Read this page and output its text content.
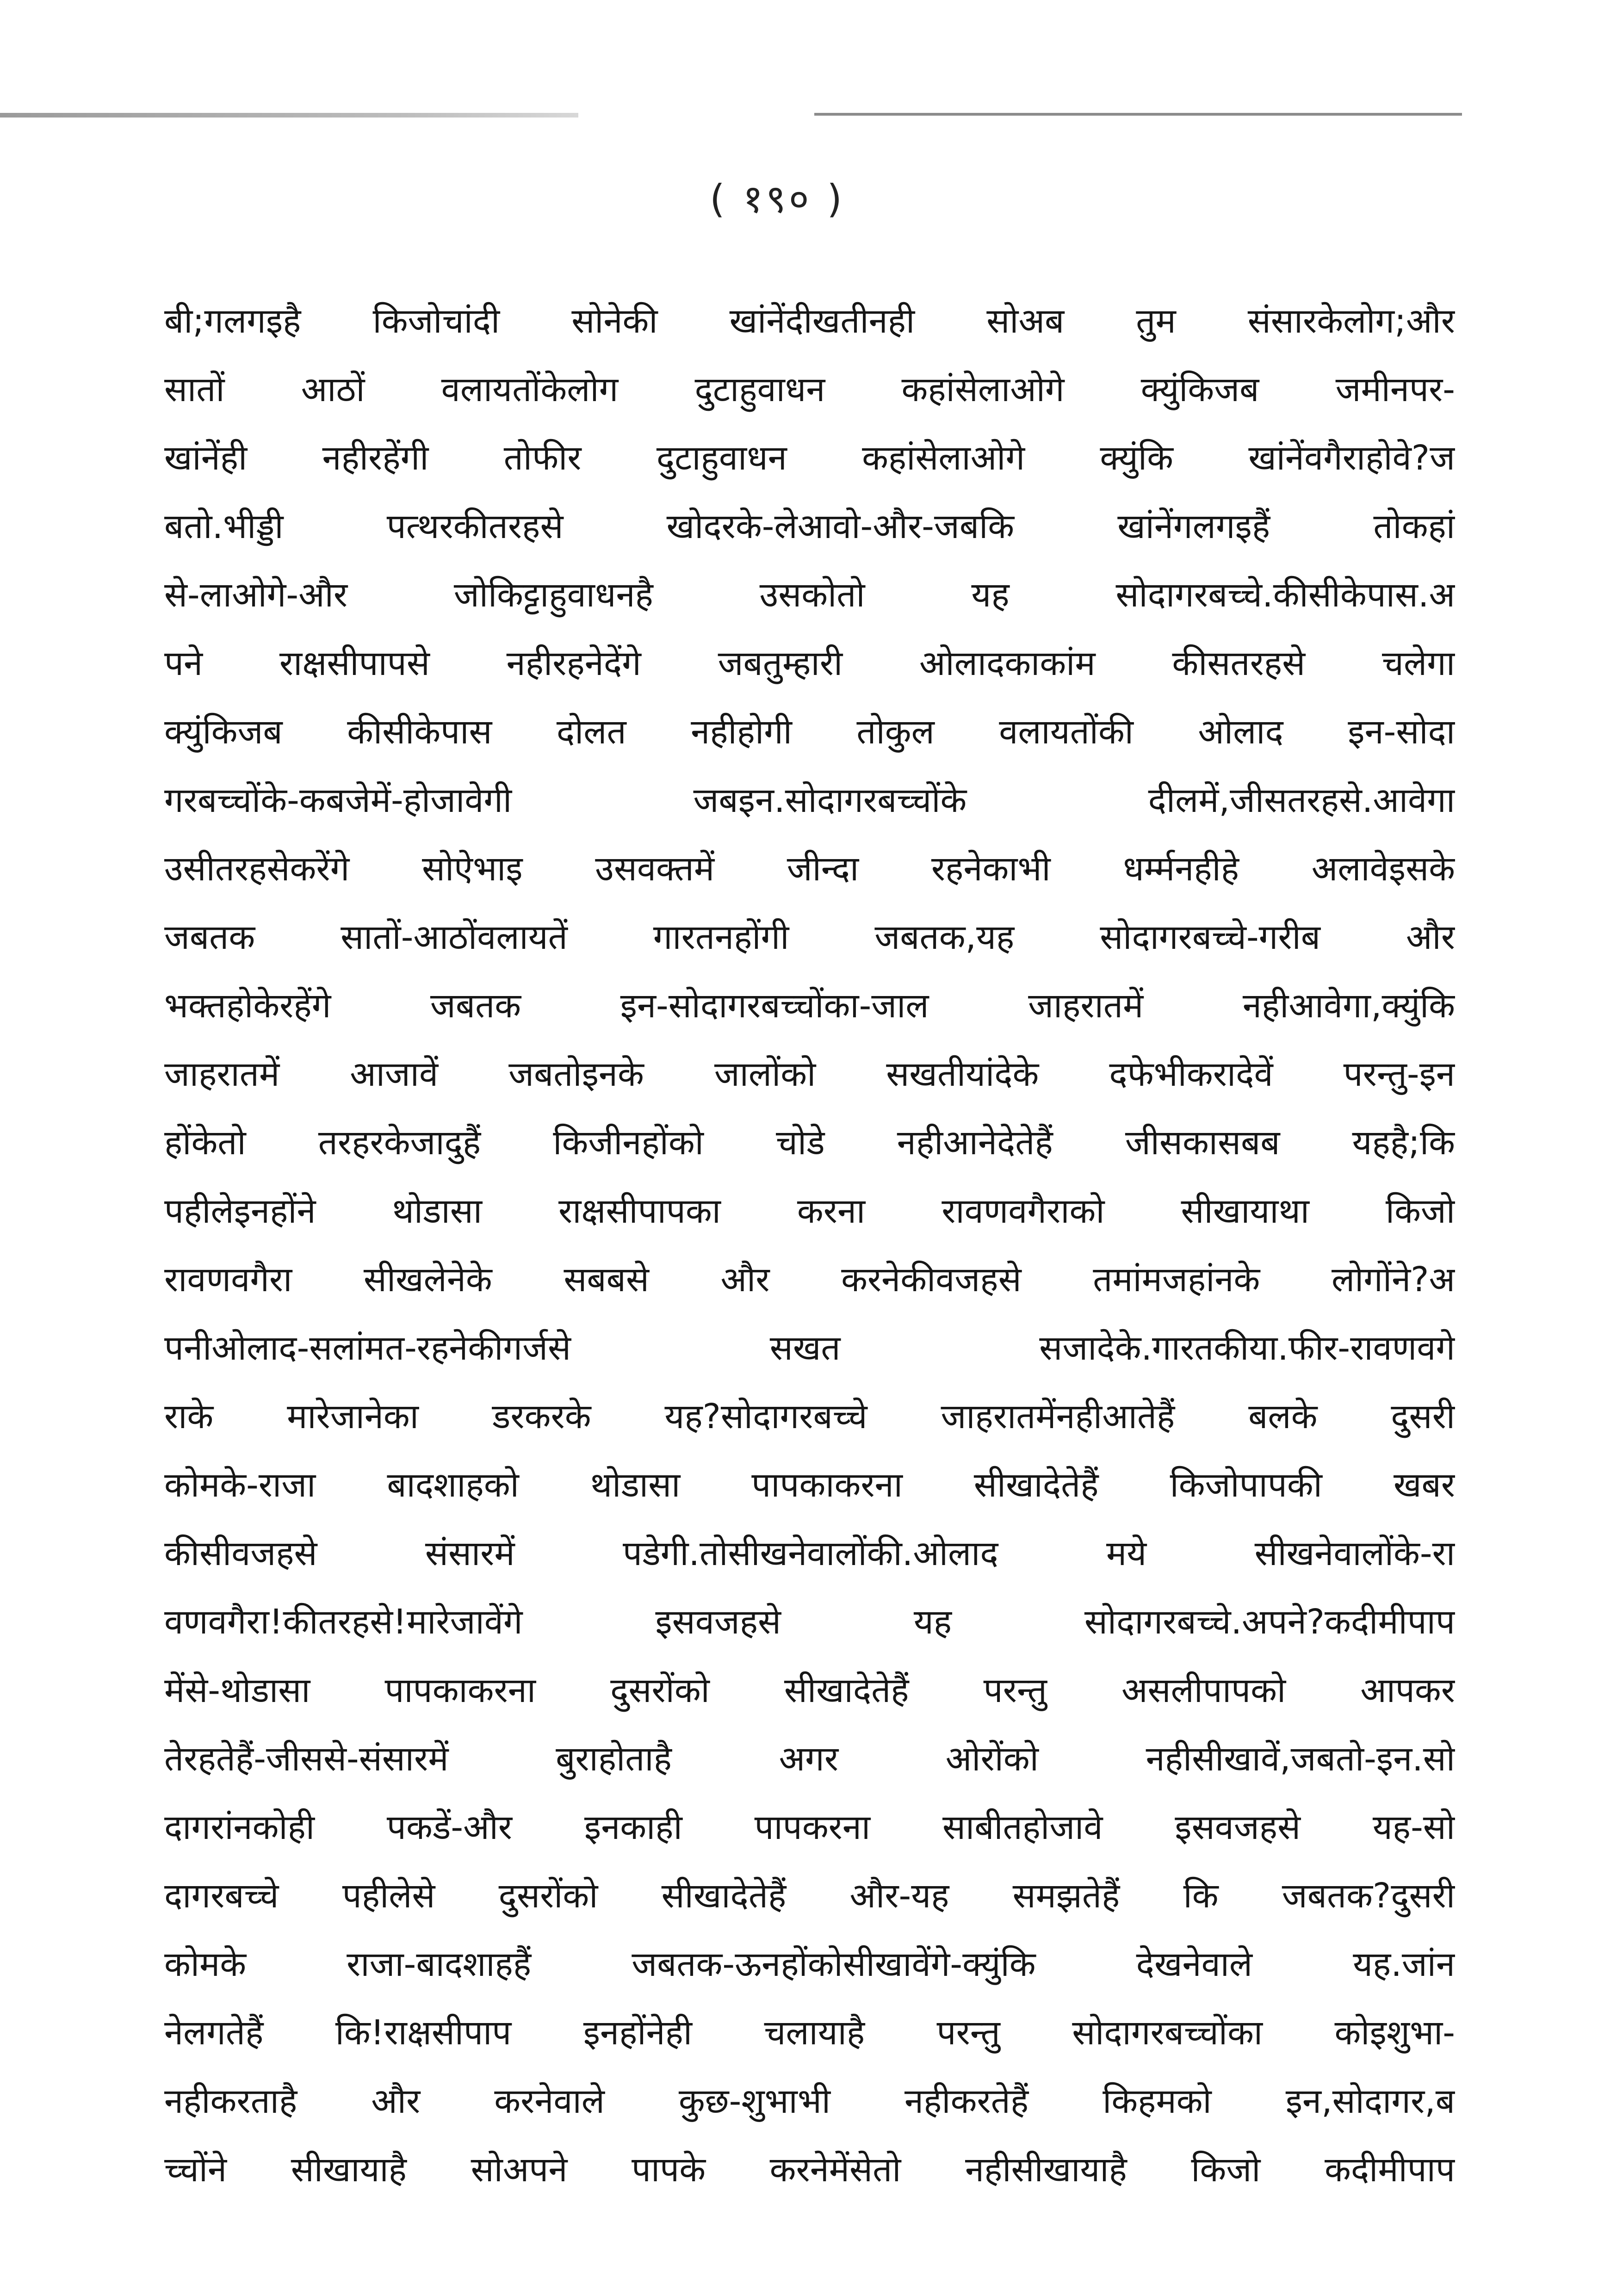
( १९० )
बी;गलगइहै किजोचांदी सोनेकी खांनेंदीखतीनही सोअब तुम संसारकेलोग;और
सातों आठों वलायतोंकेलोग दुटाहुवाधन कहांसेलाओगे क्युंकिजब जमीनपर-
खांनेंही नहीरहेंगी तोफीर दुटाहुवाधन कहांसेलाओगे क्युंकि खांनेंवगैराहोवे?ज
बतो.भीड्डी पत्थरकीतरहसे खोदरके-लेआवो-और-जबकि खांनेंगलगइहैं तोकहां
से-लाओगे-और जोकिट्टाहुवाधनहै उसकोतो यह सोदागरबच्चे.कीसीकेपास.अ
पने राक्षसीपापसे नहीरहनेदेंगे जबतुम्हारी ओलादकाकांम कीसतरहसे चलेगा
क्युंकिजब कीसीकेपास दोलत नहीहोगी तोकुल वलायतोंकी ओलाद इन-सोदा
गरबच्चोंके-कबजेमें-होजावेगी जबइन.सोदागरबच्चोंके दीलमें,जीसतरहसे.आवेगा
उसीतरहसेकरेंगे सोऐभाइ उसवक्तमें जीन्दा रहनेकाभी धर्म्मनहीहे अलावेइसके
जबतक सातों-आठोंवलायतें गारतनहोंगी जबतक,यह सोदागरबच्चे-गरीब और
भक्तहोकेरहेंगे जबतक इन-सोदागरबच्चोंका-जाल जाहरातमें नहीआवेगा,क्युंकि
जाहरातमें आजावें जबतोइनके जालोंको सखतीयांदेके दफेभीकरादेवें परन्तु-इन
होंकेतो तरहरकेजादुहैं किजीनहोंको चोडे नहीआनेदेतेहैं जीसकासबब यहहै;कि
पहीलेइनहोंने थोडासा राक्षसीपापका करना रावणवगैराको सीखायाथा किजो
रावणवगैरा सीखलेनेके सबबसे और करनेकीवजहसे तमांमजहांनके लोगोंने?अ
पनीओलाद-सलांमत-रहनेकीगर्जसे सखत सजादेके.गारतकीया.फीर-रावणवगे
राके मारेजानेका डरकरके यह?सोदागरबच्चे जाहरातमेंनहीआतेहैं बलके दुसरी
कोमके-राजा बादशाहको थोडासा पापकाकरना सीखादेतेहैं किजोपापकी खबर
कीसीवजहसे संसारमें पडेगी.तोसीखनेवालोंकी.ओलाद मये सीखनेवालोंके-रा
वणवगैरा!कीतरहसे!मारेजावेंगे इसवजहसे यह सोदागरबच्चे.अपने?कदीमीपाप
मेंसे-थोडासा पापकाकरना दुसरोंको सीखादेतेहैं परन्तु असलीपापको आपकर
तेरहतेहैं-जीससे-संसारमें बुराहोताहै अगर ओरोंको नहीसीखावें,जबतो-इन.सो
दागरांनकोही पकडें-और इनकाही पापकरना साबीतहोजावे इसवजहसे यह-सो
दागरबच्चे पहीलेसे दुसरोंको सीखादेतेहैं और-यह समझतेहैं कि जबतक?दुसरी
कोमके राजा-बादशाहहैं जबतक-ऊनहोंकोसीखावेंगे-क्युंकि देखनेवाले यह.जांन
नेलगतेहैं कि!राक्षसीपाप इनहोंनेही चलायाहै परन्तु सोदागरबच्चोंका कोइशुभा-
नहीकरताहै और करनेवाले कुछ-शुभाभी नहीकरतेहैं किहमको इन,सोदागर,ब
च्चोंने सीखायाहै सोअपने पापके करनेमेंसेतो नहीसीखायाहै किजो कदीमीपाप
